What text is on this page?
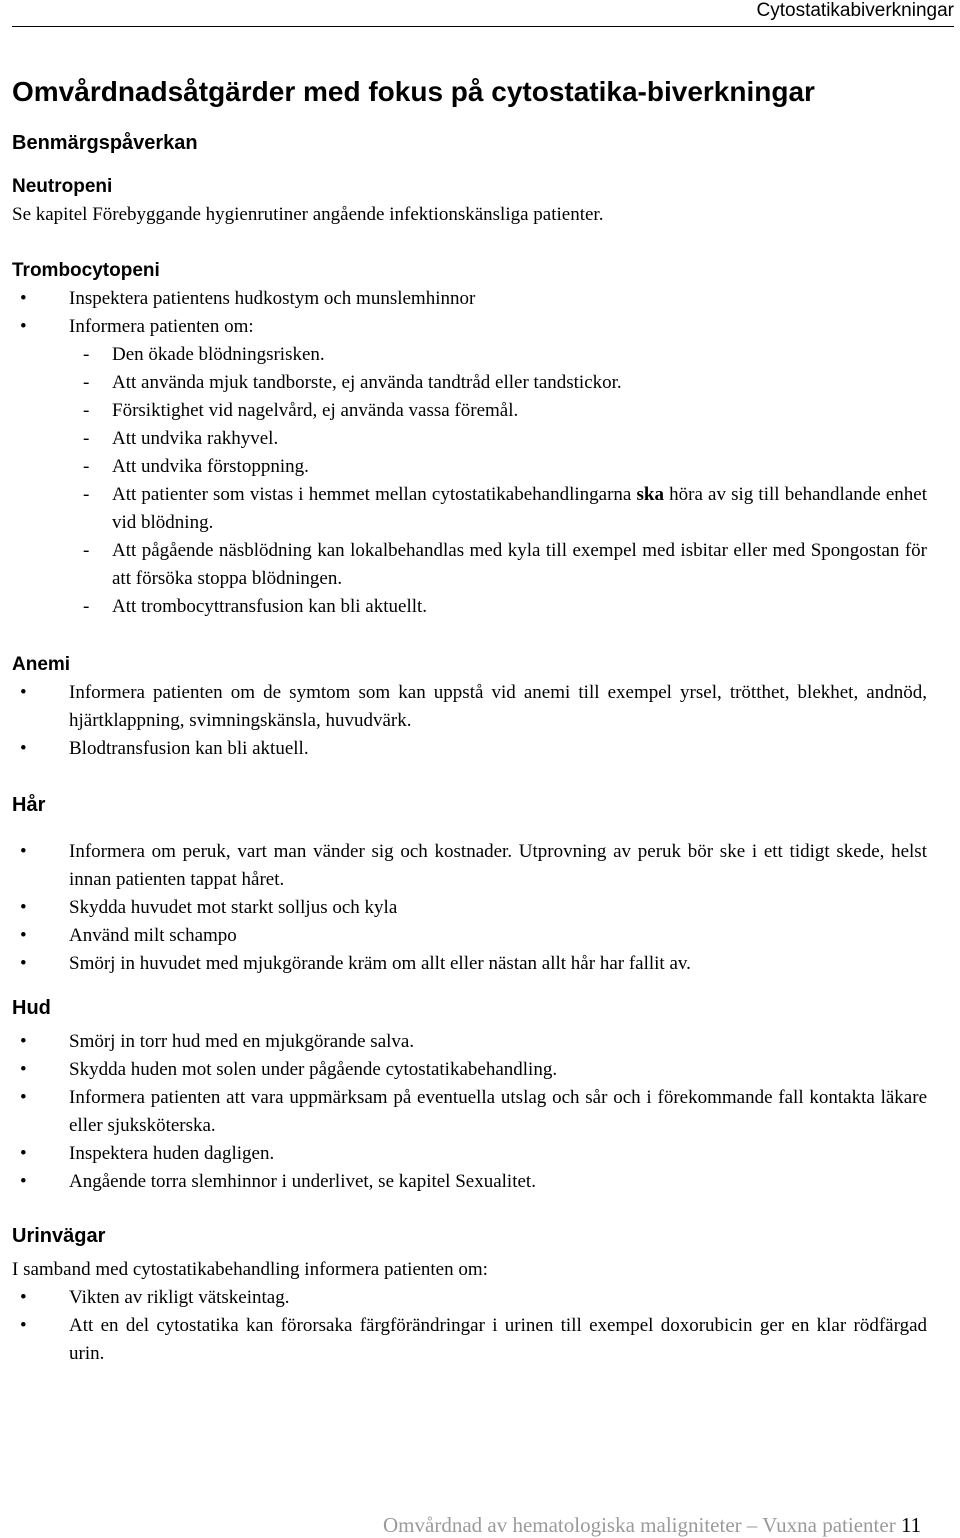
Cytostatikabiverkningar
Omvårdnadsåtgärder med fokus på cytostatika-biverkningar
Benmärgspåverkan
Neutropeni

Se kapitel Förebyggande hygienrutiner angående infektionskänsliga patienter.

Trombocytopeni
• Inspektera patientens hudkostym och munslemhinnor
• Informera patienten om:
- Den ökade blödningsrisken.
- Att använda mjuk tandborste, ej använda tandtråd eller tandstickor.
- Försiktighet vid nagelvård, ej använda vassa föremål.
- Att undvika rakhyvel.
- Att undvika förstoppning.
- Att patienter som vistas i hemmet mellan cytostatikabehandlingarna ska höra av sig till behandlande enhet vid blödning.
- Att pågående näsblödning kan lokalbehandlas med kyla till exempel med isbitar eller med Spongostan för att försöka stoppa blödningen.
- Att trombocyttransfusion kan bli aktuellt.
Anemi
• Informera patienten om de symtom som kan uppstå vid anemi till exempel yrsel, trötthet, blekhet, andnöd, hjärtklappning, svimningskänsla, huvudvärk.
• Blodtransfusion kan bli aktuell.
Hår
• Informera om peruk, vart man vänder sig och kostnader. Utprovning av peruk bör ske i ett tidigt skede, helst innan patienten tappat håret.
• Skydda huvudet mot starkt solljus och kyla
• Använd milt schampo
• Smörj in huvudet med mjukgörande kräm om allt eller nästan allt hår har fallit av.
Hud
• Smörj in torr hud med en mjukgörande salva.
• Skydda huden mot solen under pågående cytostatikabehandling.
• Informera patienten att vara uppmärksam på eventuella utslag och sår och i förekommande fall kontakta läkare eller sjuksköterska.
• Inspektera huden dagligen.
• Angående torra slemhinnor i underlivet, se kapitel Sexualitet.
Urinvägar

I samband med cytostatikabehandling informera patienten om:

• Vikten av rikligt vätskeintag.
• Att en del cytostatika kan förorsaka färgförändringar i urinen till exempel doxorubicin ger en klar rödfärgad urin.
Omvårdnad av hematologiska maligniteter – Vuxna patienter 11
